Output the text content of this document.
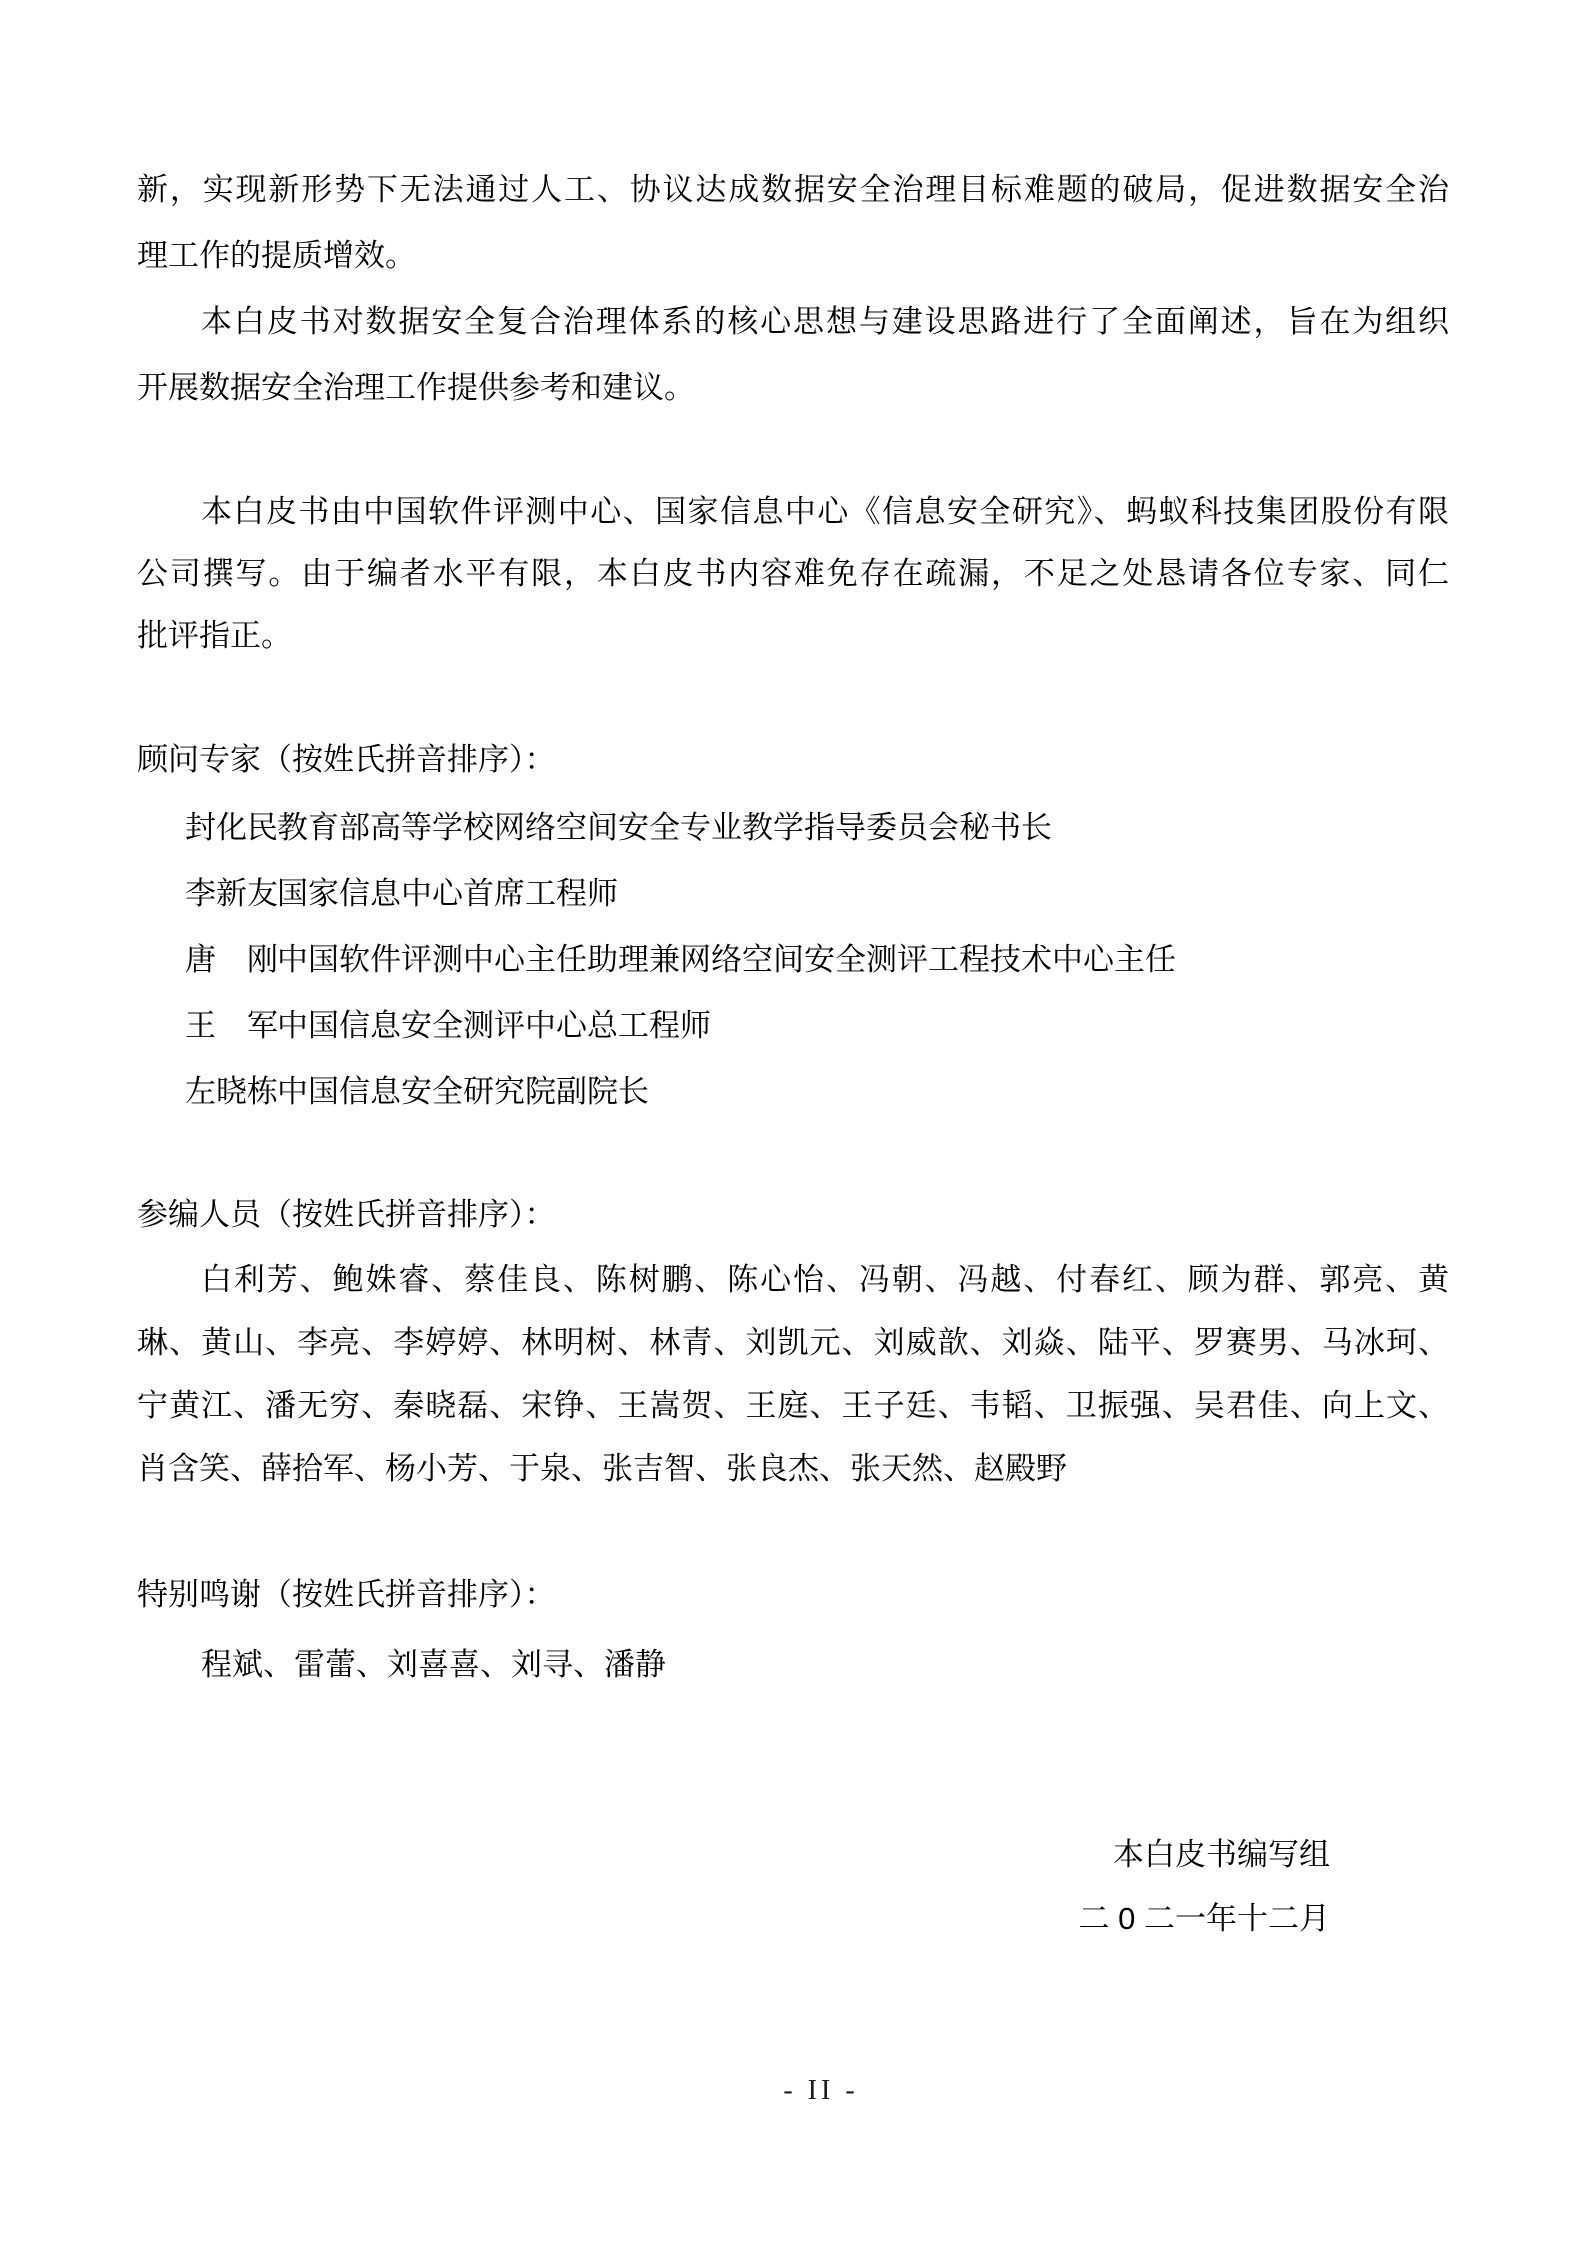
新，实现新形势下无法通过人工、协议达成数据安全治理目标难题的破局，促进数据安全治
理工作的提质增效。
本白皮书对数据安全复合治理体系的核心思想与建设思路进行了全面阐述，旨在为组织
开展数据安全治理工作提供参考和建议。
本白皮书由中国软件评测中心、国家信息中心《信息安全研究》、蚂蚁科技集团股份有限
公司撰写。由于编者水平有限，本白皮书内容难免存在疏漏，不足之处恳请各位专家、同仁
批评指正。
顾问专家（按姓氏拼音排序）：
封化民 教育部高等学校网络空间安全专业教学指导委员会秘书长
李新友 国家信息中心首席工程师
唐　刚 中国软件评测中心主任助理兼网络空间安全测评工程技术中心主任
王　军 中国信息安全测评中心总工程师
左晓栋 中国信息安全研究院副院长
参编人员（按姓氏拼音排序）：
白利芳、鲍姝睿、蔡佳良、陈树鹏、陈心怡、冯朝、冯越、付春红、顾为群、郭亮、黄
琳、黄山、李亮、李婷婷、林明树、林青、刘凯元、刘威歆、刘焱、陆平、罗赛男、马冰珂、
宁黄江、潘无穷、秦晓磊、宋铮、王嵩贺、王庭、王子廷、韦韬、卫振强、吴君佳、向上文、
肖含笑、薛拾军、杨小芳、于泉、张吉智、张良杰、张天然、赵殿野
特别鸣谢（按姓氏拼音排序）：
程斌、雷蕾、刘喜喜、刘寻、潘静
本白皮书编写组
二 0 二一年十二月
- II -
